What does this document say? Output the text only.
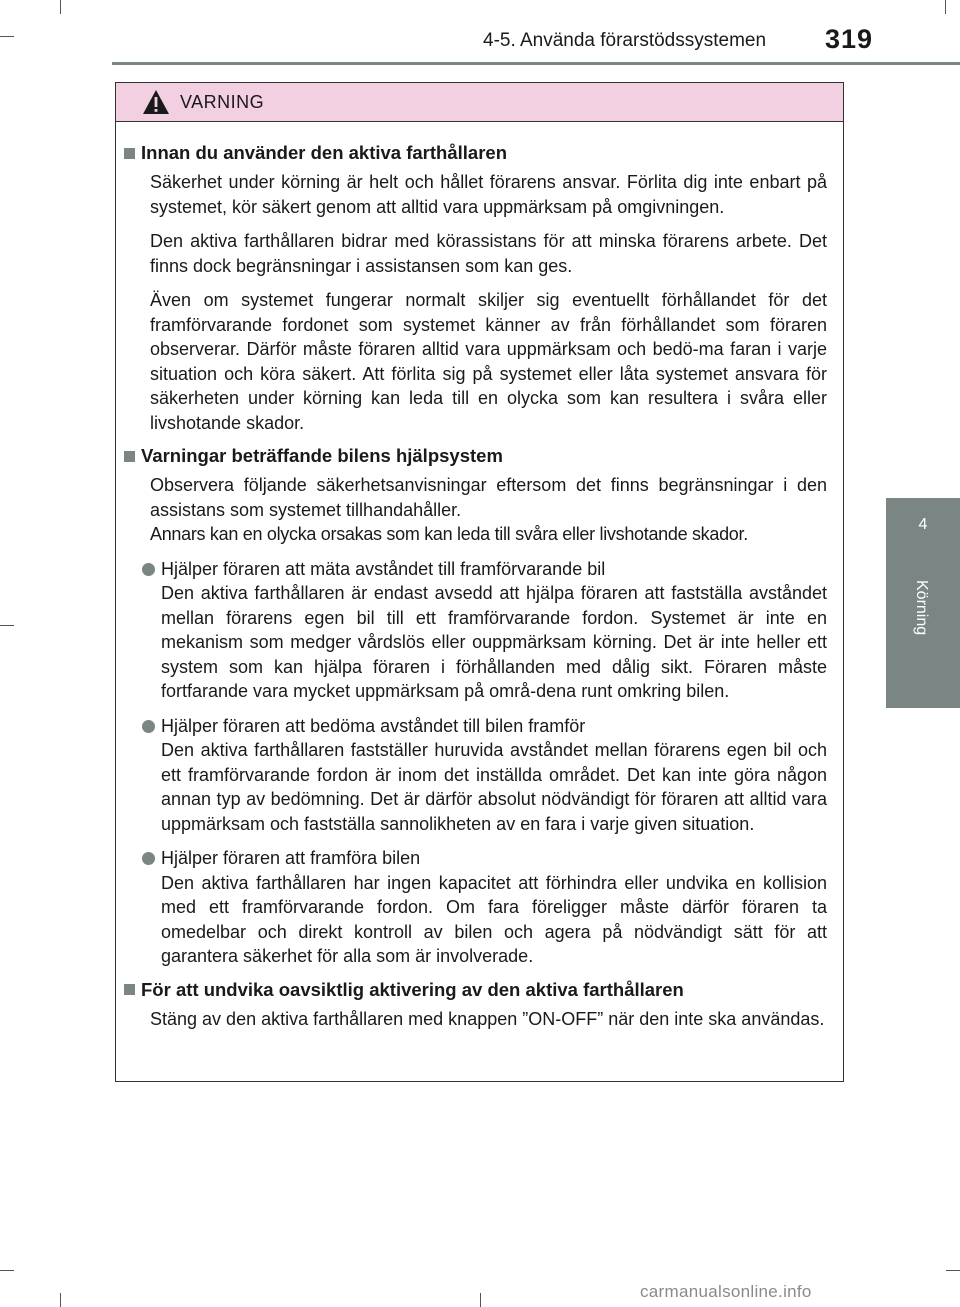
4-5. Använda förarstödssystemen 319
4
Körning
VARNING
Innan du använder den aktiva farthållaren

Säkerhet under körning är helt och hållet förarens ansvar. Förlita dig inte enbart på systemet, kör säkert genom att alltid vara uppmärksam på omgivningen.

Den aktiva farthållaren bidrar med körassistans för att minska förarens arbete. Det finns dock begränsningar i assistansen som kan ges.

Även om systemet fungerar normalt skiljer sig eventuellt förhållandet för det framförvarande fordonet som systemet känner av från förhållandet som föraren observerar. Därför måste föraren alltid vara uppmärksam och bedö-ma faran i varje situation och köra säkert. Att förlita sig på systemet eller låta systemet ansvara för säkerheten under körning kan leda till en olycka som kan resultera i svåra eller livshotande skador.

Varningar beträffande bilens hjälpsystem

Observera följande säkerhetsanvisningar eftersom det finns begränsningar i den assistans som systemet tillhandahåller.

Annars kan en olycka orsakas som kan leda till svåra eller livshotande skador.

Hjälper föraren att mäta avståndet till framförvarande bil
Den aktiva farthållaren är endast avsedd att hjälpa föraren att fastställa avståndet mellan förarens egen bil till ett framförvarande fordon. Systemet är inte en mekanism som medger vårdslös eller ouppmärksam körning. Det är inte heller ett system som kan hjälpa föraren i förhållanden med dålig sikt. Föraren måste fortfarande vara mycket uppmärksam på områ-dena runt omkring bilen.
Hjälper föraren att bedöma avståndet till bilen framför
Den aktiva farthållaren fastställer huruvida avståndet mellan förarens egen bil och ett framförvarande fordon är inom det inställda området. Det kan inte göra någon annan typ av bedömning. Det är därför absolut nödvändigt för föraren att alltid vara uppmärksam och fastställa sannolikheten av en fara i varje given situation.
Hjälper föraren att framföra bilen
Den aktiva farthållaren har ingen kapacitet att förhindra eller undvika en kollision med ett framförvarande fordon. Om fara föreligger måste därför föraren ta omedelbar och direkt kontroll av bilen och agera på nödvändigt sätt för att garantera säkerhet för alla som är involverade.
För att undvika oavsiktlig aktivering av den aktiva farthållaren

Stäng av den aktiva farthållaren med knappen ”ON-OFF” när den inte ska användas.

carmanualsonline.info
